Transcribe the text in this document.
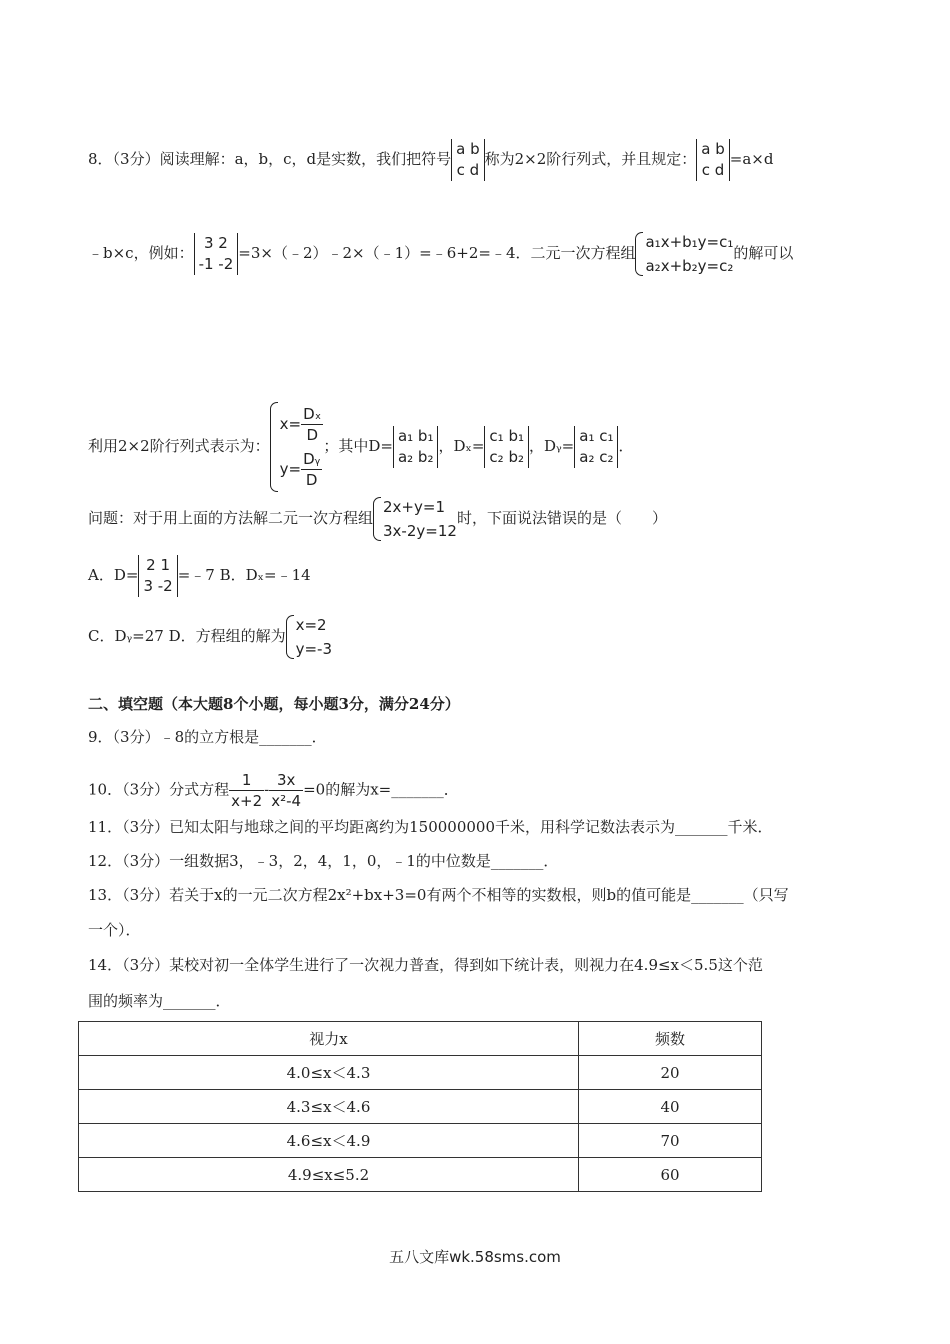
8．（3分）阅读理解：a，b，c，d是实数，我们把符号
a b
c d
称为2×2阶行列式，并且规定：
a b
c d
=a×d
﹣b×c，例如：
3 2
-1 -2
=3×（﹣2）﹣2×（﹣1）=﹣6+2=﹣4．二元一次方程组
a₁x+b₁y=c₁
a₂x+b₂y=c₂
的解可以
利用2×2阶行列式表示为：
$x= \frac{\text{Dₓ}}{D}$
$y= \frac{\text{Dᵧ}}{D}$
；其中D=
a₁ b₁
a₂ b₂
，Dₓ=
c₁ b₁
c₂ b₂
，Dᵧ=
a₁ c₁
a₂ c₂
．
问题：对于用上面的方法解二元一次方程组
2x+y=1
3x-2y=12
时，下面说法错误的是（　　）
A．D=
2 1
3 -2
=﹣7 B．Dₓ=﹣14
C．Dᵧ=27 D．方程组的解为
x=2
y=-3
二、填空题（本大题8个小题，每小题3分，满分24分）
9．（3分）﹣8的立方根是_______．
10．（3分）分式方程 $\frac{1}{x+2} - \frac{3x}{\text{x²-4}} =0$的解为x=_______．
11．（3分）已知太阳与地球之间的平均距离约为150000000千米，用科学记数法表示为_______千米．
12．（3分）一组数据3，﹣3，2，4，1，0，﹣1的中位数是_______．
13．（3分）若关于x的一元二次方程2x²+bx+3=0有两个不相等的实数根，则b的值可能是_______（只写
一个）．
14．（3分）某校对初一全体学生进行了一次视力普查，得到如下统计表，则视力在4.9≤x＜5.5这个范
围的频率为_______．
视力x	频数
4.0≤x＜4.3	20
4.3≤x＜4.6	40
4.6≤x＜4.9	70
4.9≤x≤5.2	60
五八文库wk.58sms.com
